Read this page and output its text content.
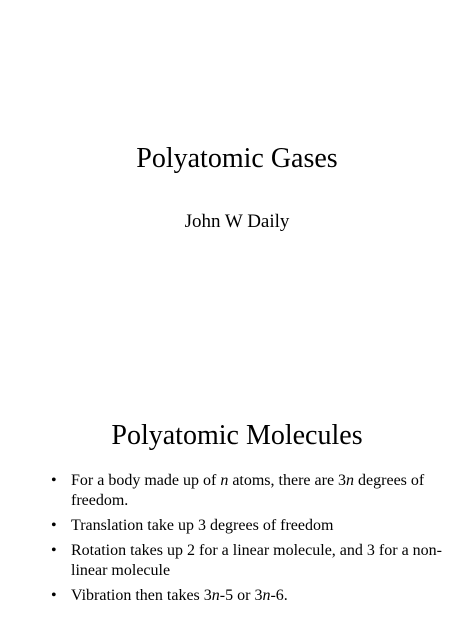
Polyatomic Gases
John W Daily
Polyatomic Molecules
• For a body made up of n atoms, there are 3n degrees of freedom.
• Translation take up 3 degrees of freedom
• Rotation takes up 2 for a linear molecule, and 3 for a non-linear molecule
• Vibration then takes 3n-5 or 3n-6.
